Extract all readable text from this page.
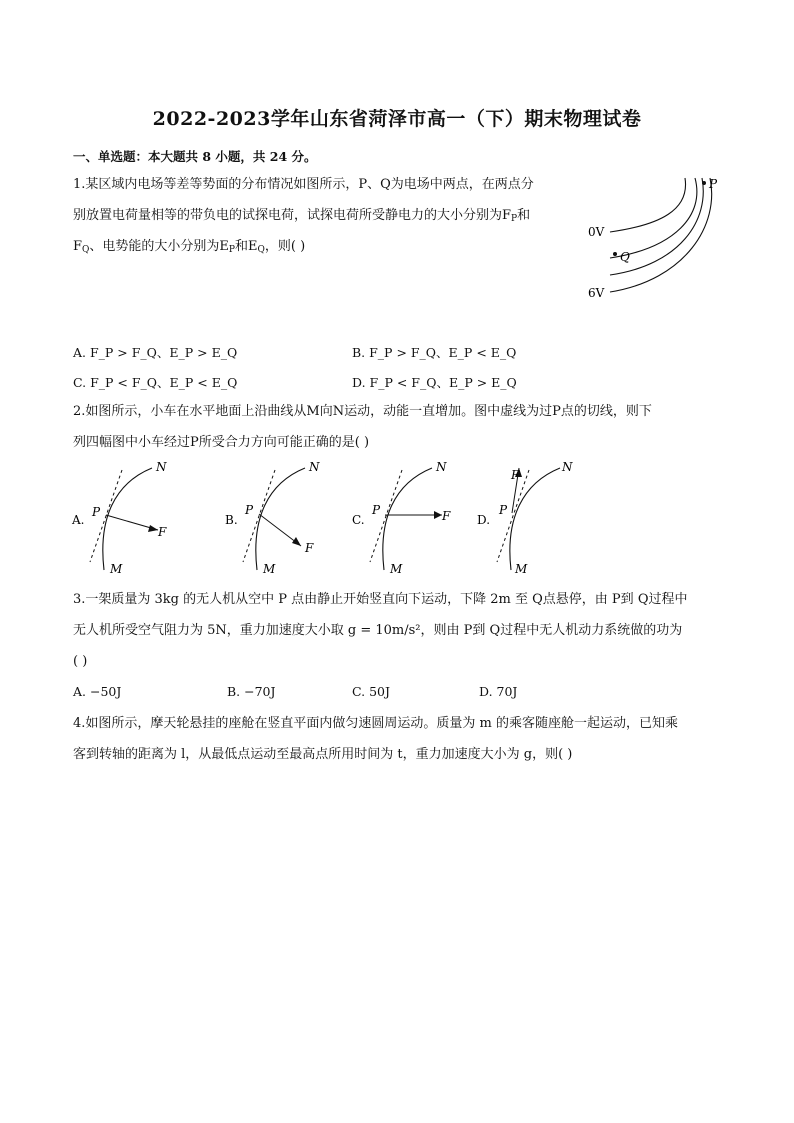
2022-2023学年山东省菏泽市高一（下）期末物理试卷
一、单选题：本大题共 8 小题，共 24 分。
1.某区域内电场等差等势面的分布情况如图所示，P、Q为电场中两点，在两点分
别放置电荷量相等的带负电的试探电荷，试探电荷所受静电力的大小分别为$F_P$和
$F_Q$、电势能的大小分别为$E_P$和$E_Q$，则( )
P
Q
0V
6V
A. F_P > F_Q、E_P > E_Q	B. F_P > F_Q、E_P < E_Q
C. F_P < F_Q、E_P < E_Q	D. F_P < F_Q、E_P > E_Q
2.如图所示，小车在水平地面上沿曲线从M向N运动，动能一直增加。图中虚线为过P点的切线，则下
列四幅图中小车经过P所受合力方向可能正确的是( )
A.
P
N
M
F
B.
P
N
M
F
C.
P
N
M
F D.
P
N
M
F
3.一架质量为 3kg 的无人机从空中 P 点由静止开始竖直向下运动，下降 2m 至 Q点悬停，由 P到 Q过程中
无人机所受空气阻力为 5N，重力加速度大小取 g = 10m/s²，则由 P到 Q过程中无人机动力系统做的功为
( )
A. −50J	B. −70J	C. 50J	D. 70J
4.如图所示，摩天轮悬挂的座舱在竖直平面内做匀速圆周运动。质量为 m 的乘客随座舱一起运动，已知乘
客到转轴的距离为 l，从最低点运动至最高点所用时间为 t，重力加速度大小为 g，则( )
